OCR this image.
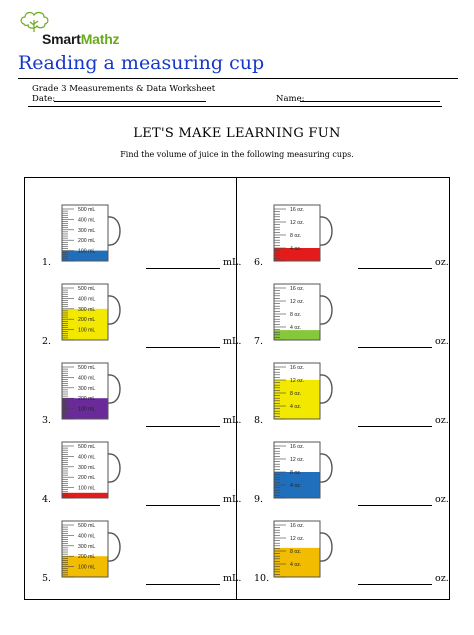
SmartMathz
Reading a measuring cup
Grade 3 Measurements & Data Worksheet
Date:	Name:
LET'S MAKE LEARNING FUN
Find the volume of juice in the following measuring cups.
500 mL
400 mL
300 mL
200 mL
100 mL
1.	mL.
500 mL
400 mL
300 mL
200 mL
100 mL
2.	mL.
500 mL
400 mL
300 mL
200 mL
100 mL
3.	mL.
500 mL
400 mL
300 mL
200 mL
100 mL
4.	mL.
500 mL
400 mL
300 mL
200 mL
100 mL
5.	mL.
16 oz.
12 oz.
8 oz.
4 oz.
6.	oz.
16 oz.
12 oz.
8 oz.
4 oz.
7.	oz.
16 oz.
12 oz.
8 oz.
4 oz.
8.	oz.
16 oz.
12 oz.
8 oz.
4 oz.
9.	oz.
16 oz.
12 oz.
8 oz.
4 oz.
10.	oz.
